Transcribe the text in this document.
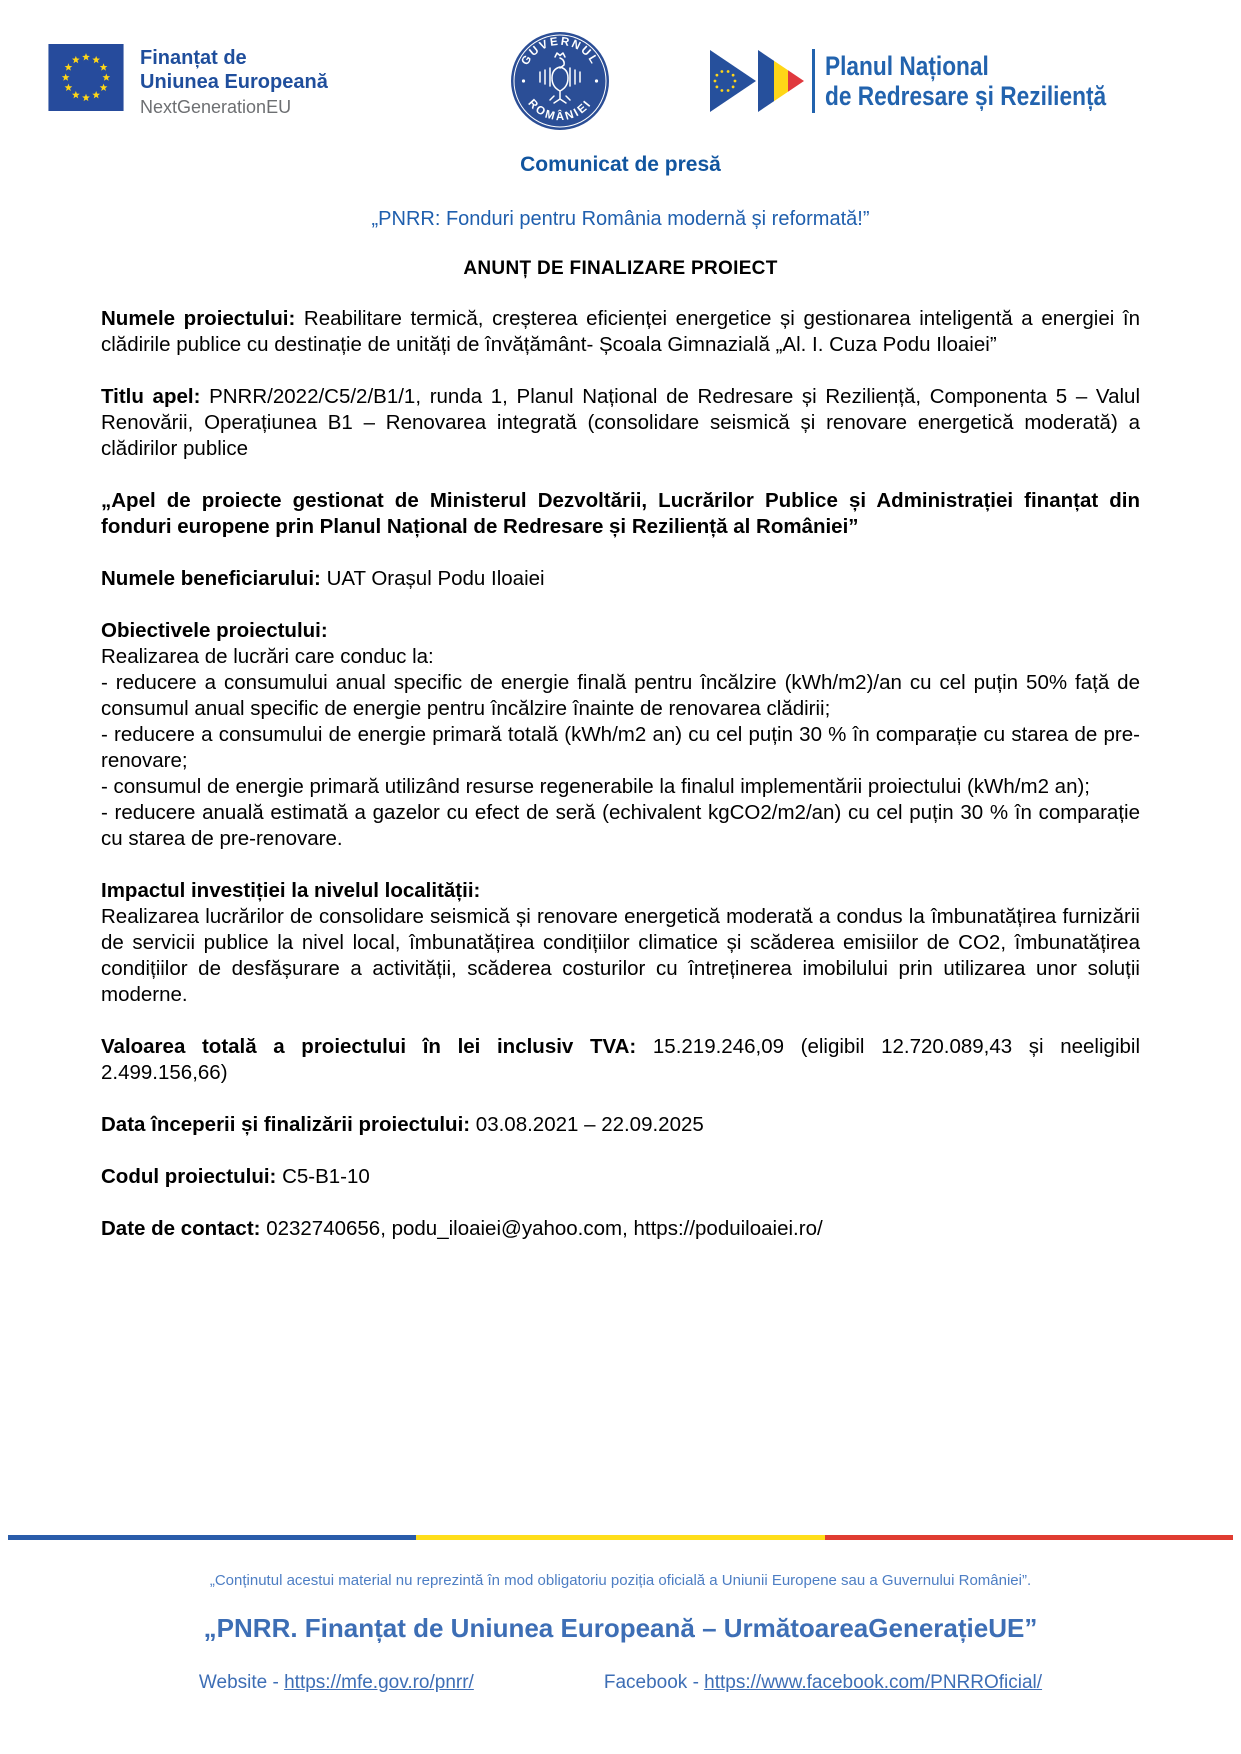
Finanțat de
Uniunea Europeană
NextGenerationEU
GUVERNUL
ROMÂNIEI
Planul Național
de Redresare și Reziliență
Comunicat de presă

„PNRR: Fonduri pentru România modernă și reformată!”

ANUNȚ DE FINALIZARE PROIECT

Numele proiectului: Reabilitare termică, creșterea eficienței energetice și gestionarea inteligentă a energiei în clădirile publice cu destinație de unități de învățământ- Școala Gimnazială „Al. I. Cuza Podu Iloaiei”

Titlu apel: PNRR/2022/C5/2/B1/1, runda 1, Planul Național de Redresare și Reziliență, Componenta 5 – Valul Renovării, Operațiunea B1 – Renovarea integrată (consolidare seismică și renovare energetică moderată) a clădirilor publice

„Apel de proiecte gestionat de Ministerul Dezvoltării, Lucrărilor Publice și Administrației finanțat din fonduri europene prin Planul Național de Redresare și Reziliență al României”

Numele beneficiarului: UAT Orașul Podu Iloaiei

Obiectivele proiectului:

Realizarea de lucrări care conduc la:

- reducere a consumului anual specific de energie finală pentru încălzire (kWh/m2)/an cu cel puțin 50% față de consumul anual specific de energie pentru încălzire înainte de renovarea clădirii;

- reducere a consumului de energie primară totală (kWh/m2 an) cu cel puțin 30 % în comparație cu starea de pre-renovare;

- consumul de energie primară utilizând resurse regenerabile la finalul implementării proiectului (kWh/m2 an);

- reducere anuală estimată a gazelor cu efect de seră (echivalent kgCO2/m2/an) cu cel puțin 30 % în comparație cu starea de pre-renovare.

Impactul investiției la nivelul localității:

Realizarea lucrărilor de consolidare seismică și renovare energetică moderată a condus la îmbunatățirea furnizării de servicii publice la nivel local, îmbunatățirea condițiilor climatice și scăderea emisiilor de CO2, îmbunatățirea condițiilor de desfășurare a activității, scăderea costurilor cu întreținerea imobilului prin utilizarea unor soluții moderne.

Valoarea totală a proiectului în lei inclusiv TVA: 15.219.246,09 (eligibil 12.720.089,43 și neeligibil 2.499.156,66)

Data începerii și finalizării proiectului: 03.08.2021 – 22.09.2025

Codul proiectului: C5-B1-10

Date de contact: 0232740656, podu_iloaiei@yahoo.com, https://poduiloaiei.ro/

„Conținutul acestui material nu reprezintă în mod obligatoriu poziția oficială a Uniunii Europene sau a Guvernului României”.

„PNRR. Finanțat de Uniunea Europeană – UrmătoareaGenerațieUE”

Website - https://mfe.gov.ro/pnrr/	Facebook - https://www.facebook.com/PNRROficial/
